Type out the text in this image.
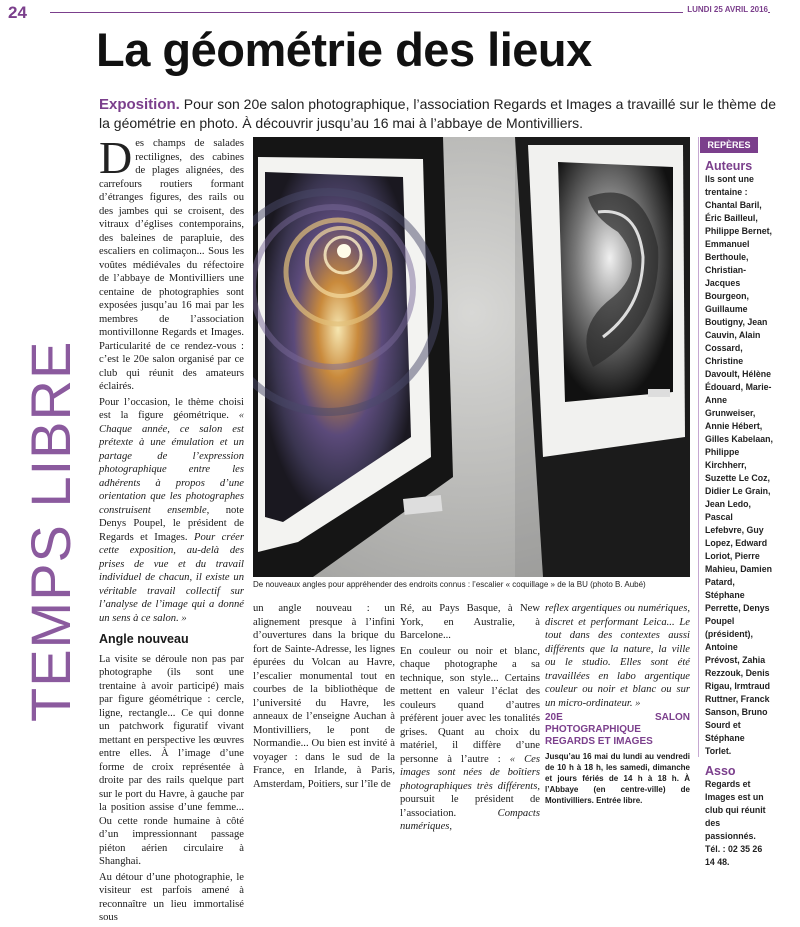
24	LUNDI 25 AVRIL 2016
La géométrie des lieux
Exposition. Pour son 20e salon photographique, l’association Regards et Images a travaillé sur le thème de la géométrie en photo. À découvrir jusqu’au 16 mai à l’abbaye de Montivilliers.
TEMPS LIBRE

Des champs de salades rectilignes, des cabines de plages alignées, des carrefours routiers formant d’étranges figures, des rails ou des jambes qui se croisent, des vitraux d’églises contemporains, des baleines de parapluie, des escaliers en colimaçon... Sous les voûtes médiévales du réfectoire de l’abbaye de Montivilliers une centaine de photographies sont exposées jusqu’au 16 mai par les membres de l’association montivillonne Regards et Images. Particularité de ce rendez-vous : c’est le 20e salon organisé par ce club qui réunit des amateurs éclairés.

Pour l’occasion, le thème choisi est la figure géométrique. « Chaque année, ce salon est prétexte à une émulation et un partage de l’expression photographique entre les adhérents à propos d’une orientation que les photographes construisent ensemble, note Denys Poupel, le président de Regards et Images. Pour créer cette exposition, au-delà des prises de vue et du travail individuel de chacun, il existe un véritable travail collectif sur l’analyse de l’image qui a donné un sens à ce salon. »

Angle nouveau

La visite se déroule non pas par photographe (ils sont une trentaine à avoir participé) mais par figure géométrique : cercle, ligne, rectangle... Ce qui donne un patchwork figuratif vivant mettant en perspective les œuvres entre elles. À l’image d’une forme de croix représentée à droite par des rails quelque part sur le port du Havre, à gauche par la position assise d’une femme... Ou cette ronde humaine à côté d’un impressionnant passage piéton aérien circulaire à Shanghai.

Au détour d’une photographie, le visiteur est parfois amené à reconnaître un lieu immortalisé sous

De nouveaux angles pour appréhender des endroits connus : l’escalier « coquillage » de la BU (photo B. Aubé)

un angle nouveau : un alignement presque à l’infini d’ouvertures dans la brique du fort de Sainte-Adresse, les lignes épurées du Volcan au Havre, l’escalier monumental tout en courbes de la bibliothèque de l’université du Havre, les anneaux de l’enseigne Auchan à Montivilliers, le pont de Normandie... Ou bien est invité à voyager : dans le sud de la France, en Irlande, à Paris, Amsterdam, Poitiers, sur l’île de

Ré, au Pays Basque, à New York, en Australie, à Barcelone...

En couleur ou noir et blanc, chaque photographe a sa technique, son style... Certains mettent en valeur l’éclat des couleurs quand d’autres préfèrent jouer avec les tonalités grises. Quant au choix du matériel, il diffère d’une personne à l’autre : « Ces images sont nées de boîtiers photographiques très différents, poursuit le président de l’association. Compacts numériques,

reflex argentiques ou numériques, discret et performant Leica... Le tout dans des contextes aussi différents que la nature, la ville ou le studio. Elles sont été travaillées en labo argentique couleur ou noir et blanc ou sur un micro-ordinateur. »

20E SALON PHOTOGRAPHIQUE REGARDS ET IMAGES
Jusqu’au 16 mai du lundi au vendredi de 10 h à 18 h, les samedi, dimanche et jours fériés de 14 h à 18 h. À l’Abbaye (en centre-ville) de Montivilliers. Entrée libre.
REPÈRES
Auteurs
Ils sont une trentaine : Chantal Baril, Éric Bailleul, Philippe Bernet, Emmanuel Berthoule, Christian-Jacques Bourgeon, Guillaume Boutigny, Jean Cauvin, Alain Cossard, Christine Davoult, Hélène Édouard, Marie-Anne Grunweiser, Annie Hébert, Gilles Kabelaan, Philippe Kirchherr, Suzette Le Coz, Didier Le Grain, Jean Ledo, Pascal Lefebvre, Guy Lopez, Edward Loriot, Pierre Mahieu, Damien Patard, Stéphane Perrette, Denys Poupel (président), Antoine Prévost, Zahia Rezzouk, Denis Rigau, Irmtraud Ruttner, Franck Sanson, Bruno Sourd et Stéphane Torlet.
Asso
Regards et Images est un club qui réunit des passionnés. Tél. : 02 35 26 14 48.
